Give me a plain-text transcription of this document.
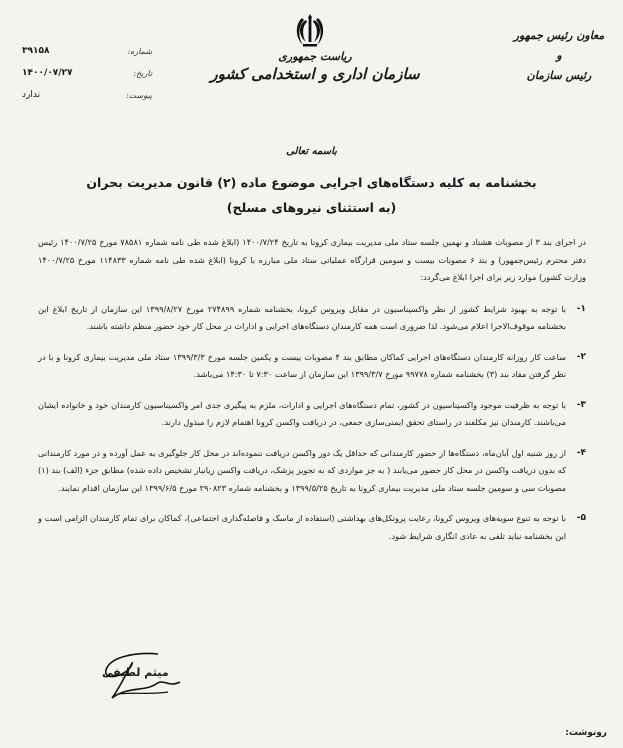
معاون رئیس جمهور
و
رئیس سازمان
ریاست جمهوری
سازمان اداری و استخدامی کشور
شماره:
۳۹۱۵۸
تاریخ:
۱۴۰۰/۰۷/۲۷
پیوست:
ندارد
باسمه تعالی
بخشنامه به کلیه دستگاه‌های اجرایی موضوع ماده (۲) قانون مدیریت بحران
(به استثنای نیروهای مسلح)

در اجرای بند ۳ از مصوبات هشتاد و نهمین جلسه ستاد ملی مدیریت بیماری کرونا به تاریخ ۱۴۰۰/۷/۲۴ (ابلاغ شده طی نامه شماره ۷۸۵۸۱ مورخ ۱۴۰۰/۷/۲۵ رئیس دفتر محترم رئیس‌جمهور) و بند ۶ مصوبات بیست و سومین قرارگاه عملیاتی ستاد ملی مبارزه با کرونا (ابلاغ شده طی نامه شماره ۱۱۴۸۳۳ مورخ ۱۴۰۰/۷/۲۵ وزارت کشور) موارد زیر برای اجرا ابلاغ می‌گردد:

۱-
با توجه به بهبود شرایط کشور از نظر واکسیناسیون در مقابل ویروس کرونا، بخشنامه شماره ۲۷۴۸۹۹ مورخ ۱۳۹۹/۸/۲۷ این سازمان از تاریخ ابلاغ این بخشنامه موقوف‌الاجرا اعلام می‌شود. لذا ضروری است همه کارمندان دستگاه‌های اجرایی و ادارات در محل کار خود حضور منظم داشته باشند.
۲-
ساعت کار روزانه کارمندان دستگاه‌های اجرایی کماکان مطابق بند ۴ مصوبات بیست و یکمین جلسه مورخ ۱۳۹۹/۳/۳ ستاد ملی مدیریت بیماری کرونا و با در نظر گرفتن مفاد بند (۳) بخشنامه شماره ۹۹۷۷۸ مورخ ۱۳۹۹/۳/۷ این سازمان از ساعت ۷:۳۰ تا ۱۴:۳۰ می‌باشد.
۳-
با توجه به ظرفیت موجود واکسیناسیون در کشور، تمام دستگاه‌های اجرایی و ادارات، ملزم به پیگیری جدی امر واکسیناسیون کارمندان خود و خانواده ایشان می‌باشند. کارمندان نیز مکلفند در راستای تحقق ایمنی‌سازی جمعی، در دریافت واکسن کرونا اهتمام لازم را مبذول دارند.
۴-
از روز شنبه اول آبان‌ماه، دستگاه‌ها از حضور کارمندانی که حداقل یک دوز واکسن دریافت ننموده‌اند در محل کار جلوگیری به عمل آورده و در مورد کارمندانی که بدون دریافت واکسن در محل کار حضور می‌یابند ( به جز مواردی که به تجویز پزشک، دریافت واکسن زیانبار تشخیص داده شده) مطابق جزء (الف) بند (۱) مصوبات سی و سومین جلسه ستاد ملی مدیریت بیماری کرونا به تاریخ ۱۳۹۹/۵/۲۵ و بخشنامه شماره ۲۹۰۸۲۳ مورخ ۱۳۹۹/۶/۵ این سازمان اقدام نمایند.
۵-
با توجه به تنوع سویه‌های ویروس کرونا، رعایت پروتکل‌های بهداشتی (استفاده از ماسک و فاصله‌گذاری اجتماعی)، کماکان برای تمام کارمندان الزامی است و این بخشنامه نباید تلقی به عادی انگاری شرایط شود.
میثم لطیفی
رونوشت:
